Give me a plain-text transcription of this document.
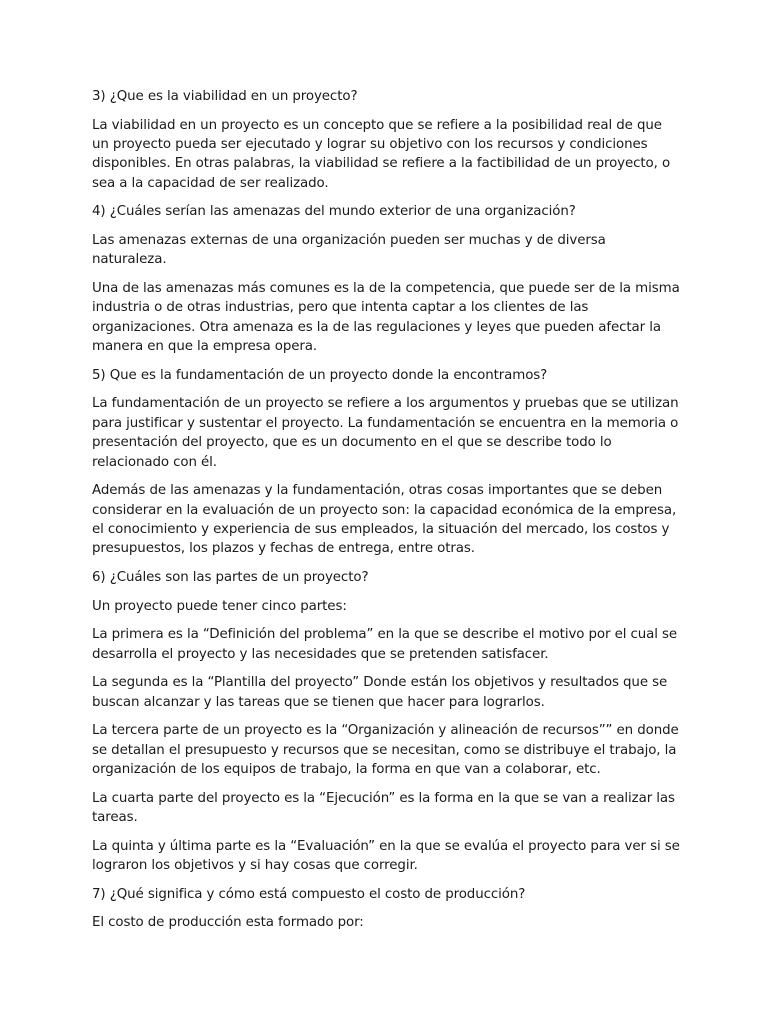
3) ¿Que es la viabilidad en un proyecto?

La viabilidad en un proyecto es un concepto que se refiere a la posibilidad real de que un proyecto pueda ser ejecutado y lograr su objetivo con los recursos y condiciones disponibles. En otras palabras, la viabilidad se refiere a la factibilidad de un proyecto, o sea a la capacidad de ser realizado.

4) ¿Cuáles serían las amenazas del mundo exterior de una organización?

Las amenazas externas de una organización pueden ser muchas y de diversa naturaleza.

Una de las amenazas más comunes es la de la competencia, que puede ser de la misma industria o de otras industrias, pero que intenta captar a los clientes de las organizaciones. Otra amenaza es la de las regulaciones y leyes que pueden afectar la manera en que la empresa opera.

5) Que es la fundamentación de un proyecto donde la encontramos?

La fundamentación de un proyecto se refiere a los argumentos y pruebas que se utilizan para justificar y sustentar el proyecto. La fundamentación se encuentra en la memoria o presentación del proyecto, que es un documento en el que se describe todo lo relacionado con él.

Además de las amenazas y la fundamentación, otras cosas importantes que se deben considerar en la evaluación de un proyecto son: la capacidad económica de la empresa, el conocimiento y experiencia de sus empleados, la situación del mercado, los costos y presupuestos, los plazos y fechas de entrega, entre otras.

6) ¿Cuáles son las partes de un proyecto?

Un proyecto puede tener cinco partes:

La primera es la “Definición del problema” en la que se describe el motivo por el cual se desarrolla el proyecto y las necesidades que se pretenden satisfacer.

La segunda es la “Plantilla del proyecto” Donde están los objetivos y resultados que se buscan alcanzar y las tareas que se tienen que hacer para lograrlos.

La tercera parte de un proyecto es la “Organización y alineación de recursos”” en donde se detallan el presupuesto y recursos que se necesitan, como se distribuye el trabajo, la organización de los equipos de trabajo, la forma en que van a colaborar, etc.

La cuarta parte del proyecto es la “Ejecución” es la forma en la que se van a realizar las tareas.

La quinta y última parte es la “Evaluación” en la que se evalúa el proyecto para ver si se lograron los objetivos y si hay cosas que corregir.

7) ¿Qué significa y cómo está compuesto el costo de producción?

El costo de producción esta formado por:
